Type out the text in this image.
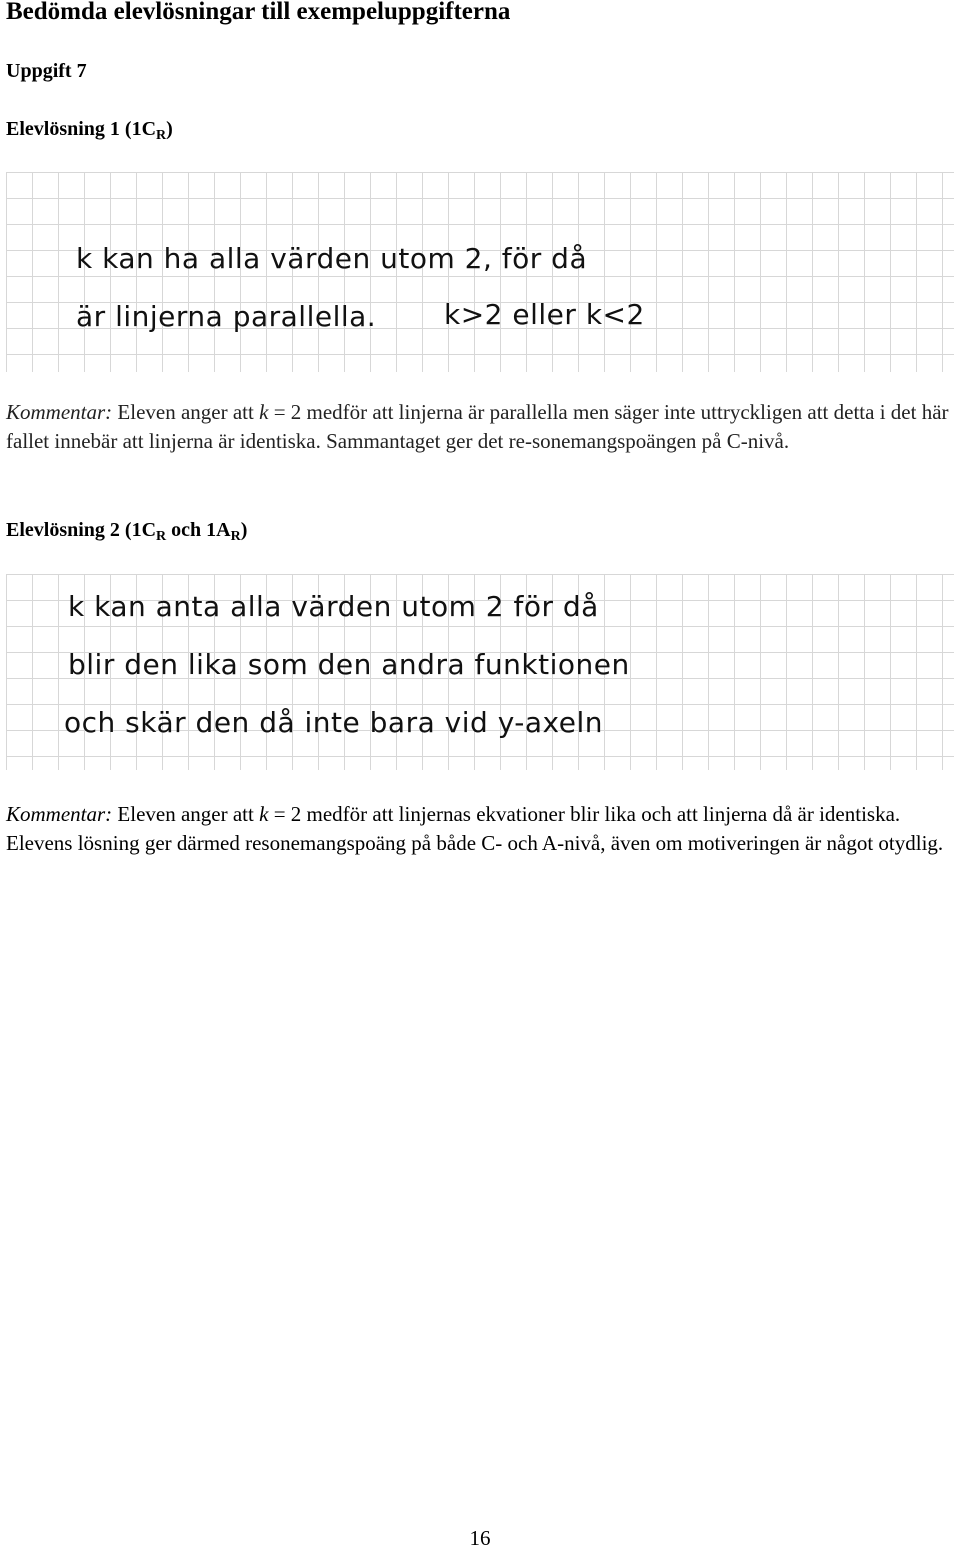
Bedömda elevlösningar till exempeluppgifterna
Uppgift 7
Elevlösning 1 $(1C_R)$
k kan ha alla värden utom 2, för då
är linjerna parallella. k>2 eller k<2

Kommentar: Eleven anger att k = 2 medför att linjerna är parallella men säger inte uttryckligen att detta i det här fallet innebär att linjerna är identiska. Sammantaget ger det re-sonemangspoängen på C-nivå.

Elevlösning 2 ($1C_R$ och $1A_R$)
k kan anta alla värden utom 2 för då
blir den lika som den andra funktionen
och skär den då inte bara vid y-axeln

Kommentar: Eleven anger att k = 2 medför att linjernas ekvationer blir lika och att linjerna då är identiska. Elevens lösning ger därmed resonemangspoäng på både C- och A-nivå, även om motiveringen är något otydlig.

16
